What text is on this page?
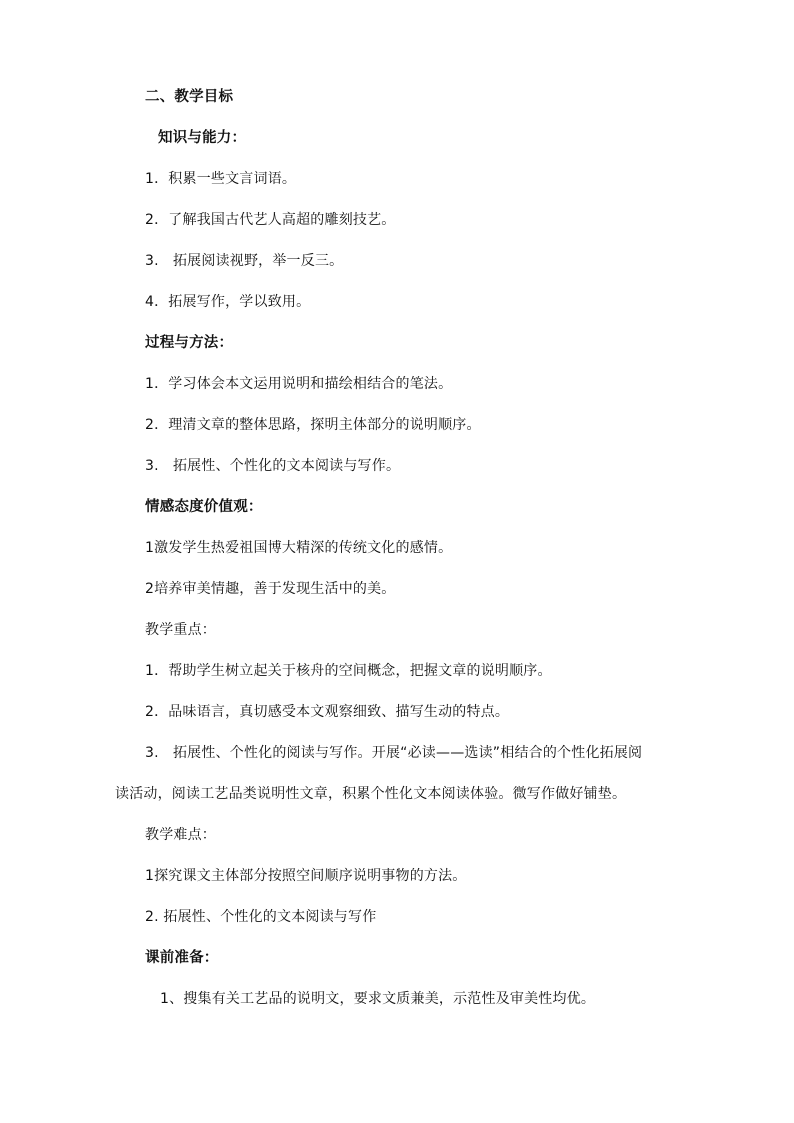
二、教学目标
知识与能力：
1．积累一些文言词语。
2．了解我国古代艺人高超的雕刻技艺。
3.　拓展阅读视野，举一反三。
4．拓展写作，学以致用。
过程与方法：
1．学习体会本文运用说明和描绘相结合的笔法。
2．理清文章的整体思路，探明主体部分的说明顺序。
3.　拓展性、个性化的文本阅读与写作。
情感态度价值观：
1激发学生热爱祖国博大精深的传统文化的感情。
2培养审美情趣，善于发现生活中的美。
教学重点：
1．帮助学生树立起关于核舟的空间概念，把握文章的说明顺序。
2．品味语言，真切感受本文观察细致、描写生动的特点。
3.　拓展性、个性化的阅读与写作。开展“必读——选读”相结合的个性化拓展阅
读活动，阅读工艺品类说明性文章，积累个性化文本阅读体验。微写作做好铺垫。
教学难点：
1探究课文主体部分按照空间顺序说明事物的方法。
2. 拓展性、个性化的文本阅读与写作
课前准备：
1、搜集有关工艺品的说明文，要求文质兼美，示范性及审美性均优。
